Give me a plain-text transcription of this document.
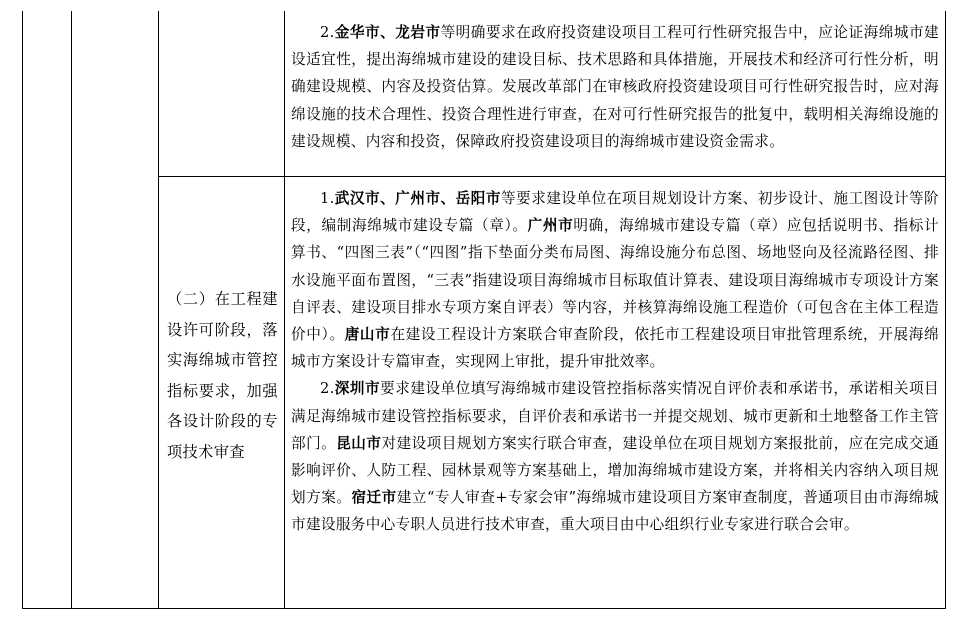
2.金华市、龙岩市等明确要求在政府投资建设项目工程可行性研究报告中，应论证海绵城市建设适宜性，提出海绵城市建设的建设目标、技术思路和具体措施，开展技术和经济可行性分析，明确建设规模、内容及投资估算。发展改革部门在审核政府投资建设项目可行性研究报告时，应对海绵设施的技术合理性、投资合理性进行审查，在对可行性研究报告的批复中，载明相关海绵设施的建设规模、内容和投资，保障政府投资建设项目的海绵城市建设资金需求。

（二）在工程建设许可阶段，落实海绵城市管控指标要求，加强各设计阶段的专项技术审查

1.武汉市、广州市、岳阳市等要求建设单位在项目规划设计方案、初步设计、施工图设计等阶段，编制海绵城市建设专篇（章）。广州市明确，海绵城市建设专篇（章）应包括说明书、指标计算书、“四图三表”（“四图”指下垫面分类布局图、海绵设施分布总图、场地竖向及径流路径图、排水设施平面布置图，“三表”指建设项目海绵城市目标取值计算表、建设项目海绵城市专项设计方案自评表、建设项目排水专项方案自评表）等内容，并核算海绵设施工程造价（可包含在主体工程造价中）。唐山市在建设工程设计方案联合审查阶段，依托市工程建设项目审批管理系统，开展海绵城市方案设计专篇审查，实现网上审批，提升审批效率。

2.深圳市要求建设单位填写海绵城市建设管控指标落实情况自评价表和承诺书，承诺相关项目满足海绵城市建设管控指标要求，自评价表和承诺书一并提交规划、城市更新和土地整备工作主管部门。昆山市对建设项目规划方案实行联合审查，建设单位在项目规划方案报批前，应在完成交通影响评价、人防工程、园林景观等方案基础上，增加海绵城市建设方案，并将相关内容纳入项目规划方案。宿迁市建立“专人审查+专家会审”海绵城市建设项目方案审查制度，普通项目由市海绵城市建设服务中心专职人员进行技术审查，重大项目由中心组织行业专家进行联合会审。
